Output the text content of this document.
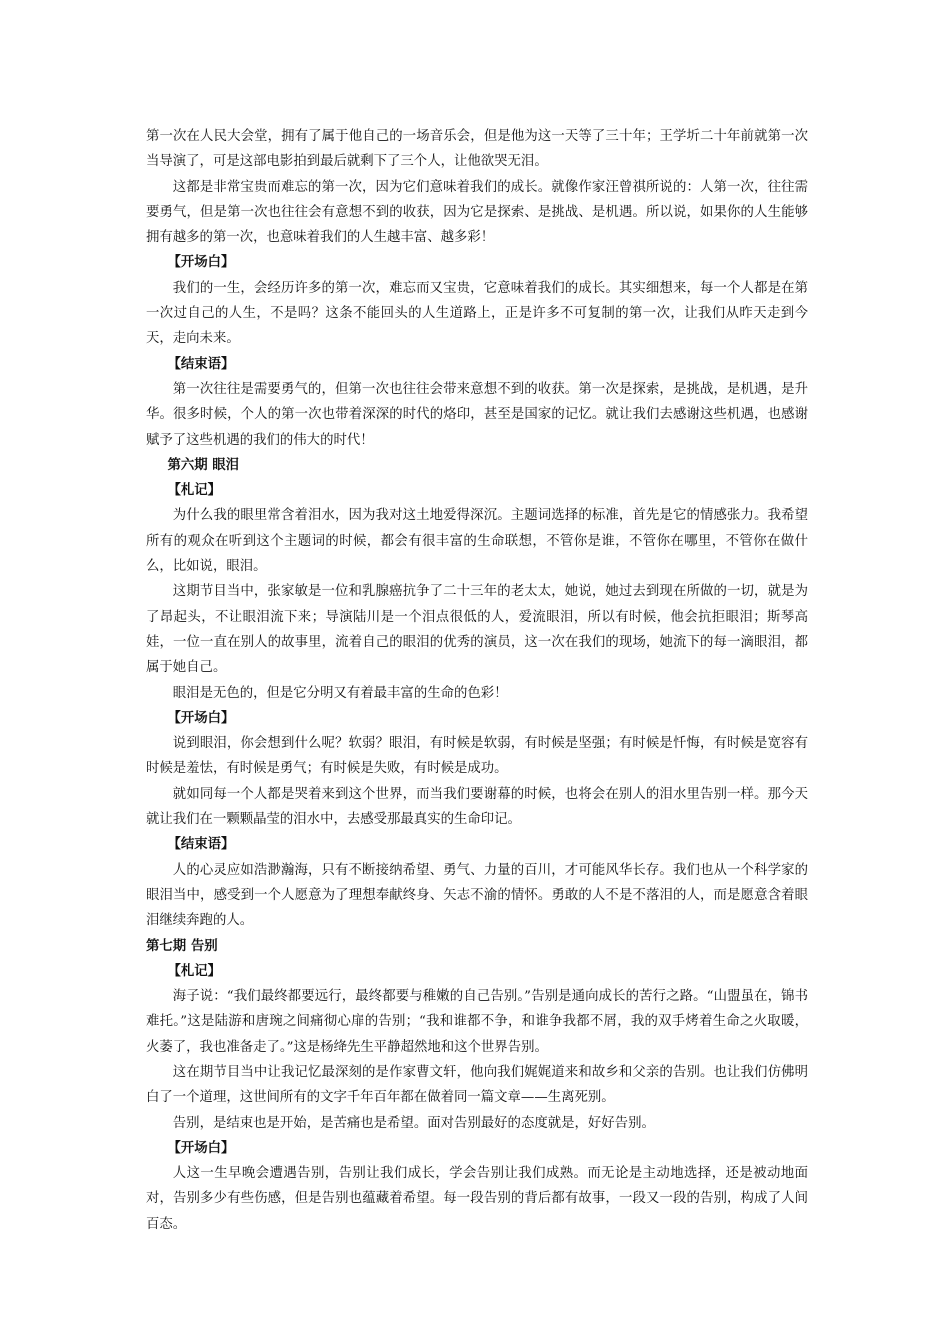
第一次在人民大会堂，拥有了属于他自己的一场音乐会，但是他为这一天等了三十年；王学圻二十年前就第一次当导演了，可是这部电影拍到最后就剩下了三个人，让他欲哭无泪。

这都是非常宝贵而难忘的第一次，因为它们意味着我们的成长。就像作家汪曾祺所说的：人第一次，往往需要勇气，但是第一次也往往会有意想不到的收获，因为它是探索、是挑战、是机遇。所以说，如果你的人生能够拥有越多的第一次，也意味着我们的人生越丰富、越多彩！

【开场白】

我们的一生，会经历许多的第一次，难忘而又宝贵，它意味着我们的成长。其实细想来，每一个人都是在第一次过自己的人生，不是吗？这条不能回头的人生道路上，正是许多不可复制的第一次，让我们从昨天走到今天，走向未来。

【结束语】

第一次往往是需要勇气的，但第一次也往往会带来意想不到的收获。第一次是探索，是挑战，是机遇，是升华。很多时候，个人的第一次也带着深深的时代的烙印，甚至是国家的记忆。就让我们去感谢这些机遇，也感谢赋予了这些机遇的我们的伟大的时代！

第六期 眼泪

【札记】

为什么我的眼里常含着泪水，因为我对这土地爱得深沉。主题词选择的标准，首先是它的情感张力。我希望所有的观众在听到这个主题词的时候，都会有很丰富的生命联想，不管你是谁，不管你在哪里，不管你在做什么，比如说，眼泪。

这期节目当中，张家敏是一位和乳腺癌抗争了二十三年的老太太，她说，她过去到现在所做的一切，就是为了昂起头，不让眼泪流下来；导演陆川是一个泪点很低的人，爱流眼泪，所以有时候，他会抗拒眼泪；斯琴高娃，一位一直在别人的故事里，流着自己的眼泪的优秀的演员，这一次在我们的现场，她流下的每一滴眼泪，都属于她自己。

眼泪是无色的，但是它分明又有着最丰富的生命的色彩！

【开场白】

说到眼泪，你会想到什么呢？软弱？眼泪，有时候是软弱，有时候是坚强；有时候是忏悔，有时候是宽容有时候是羞怯，有时候是勇气；有时候是失败，有时候是成功。

就如同每一个人都是哭着来到这个世界，而当我们要谢幕的时候，也将会在别人的泪水里告别一样。那今天就让我们在一颗颗晶莹的泪水中，去感受那最真实的生命印记。

【结束语】

人的心灵应如浩渺瀚海，只有不断接纳希望、勇气、力量的百川，才可能风华长存。我们也从一个科学家的眼泪当中，感受到一个人愿意为了理想奉献终身、矢志不渝的情怀。勇敢的人不是不落泪的人，而是愿意含着眼泪继续奔跑的人。

第七期 告别

【札记】

海子说：“我们最终都要远行，最终都要与稚嫩的自己告别。”告别是通向成长的苦行之路。“山盟虽在，锦书难托。”这是陆游和唐琬之间痛彻心扉的告别；“我和谁都不争，和谁争我都不屑，我的双手烤着生命之火取暖，火萎了，我也准备走了。”这是杨绛先生平静超然地和这个世界告别。

这在期节目当中让我记忆最深刻的是作家曹文轩，他向我们娓娓道来和故乡和父亲的告别。也让我们仿佛明白了一个道理，这世间所有的文字千年百年都在做着同一篇文章——生离死别。

告别，是结束也是开始，是苦痛也是希望。面对告别最好的态度就是，好好告别。

【开场白】

人这一生早晚会遭遇告别，告别让我们成长，学会告别让我们成熟。而无论是主动地选择，还是被动地面对，告别多少有些伤感，但是告别也蕴藏着希望。每一段告别的背后都有故事，一段又一段的告别，构成了人间百态。
